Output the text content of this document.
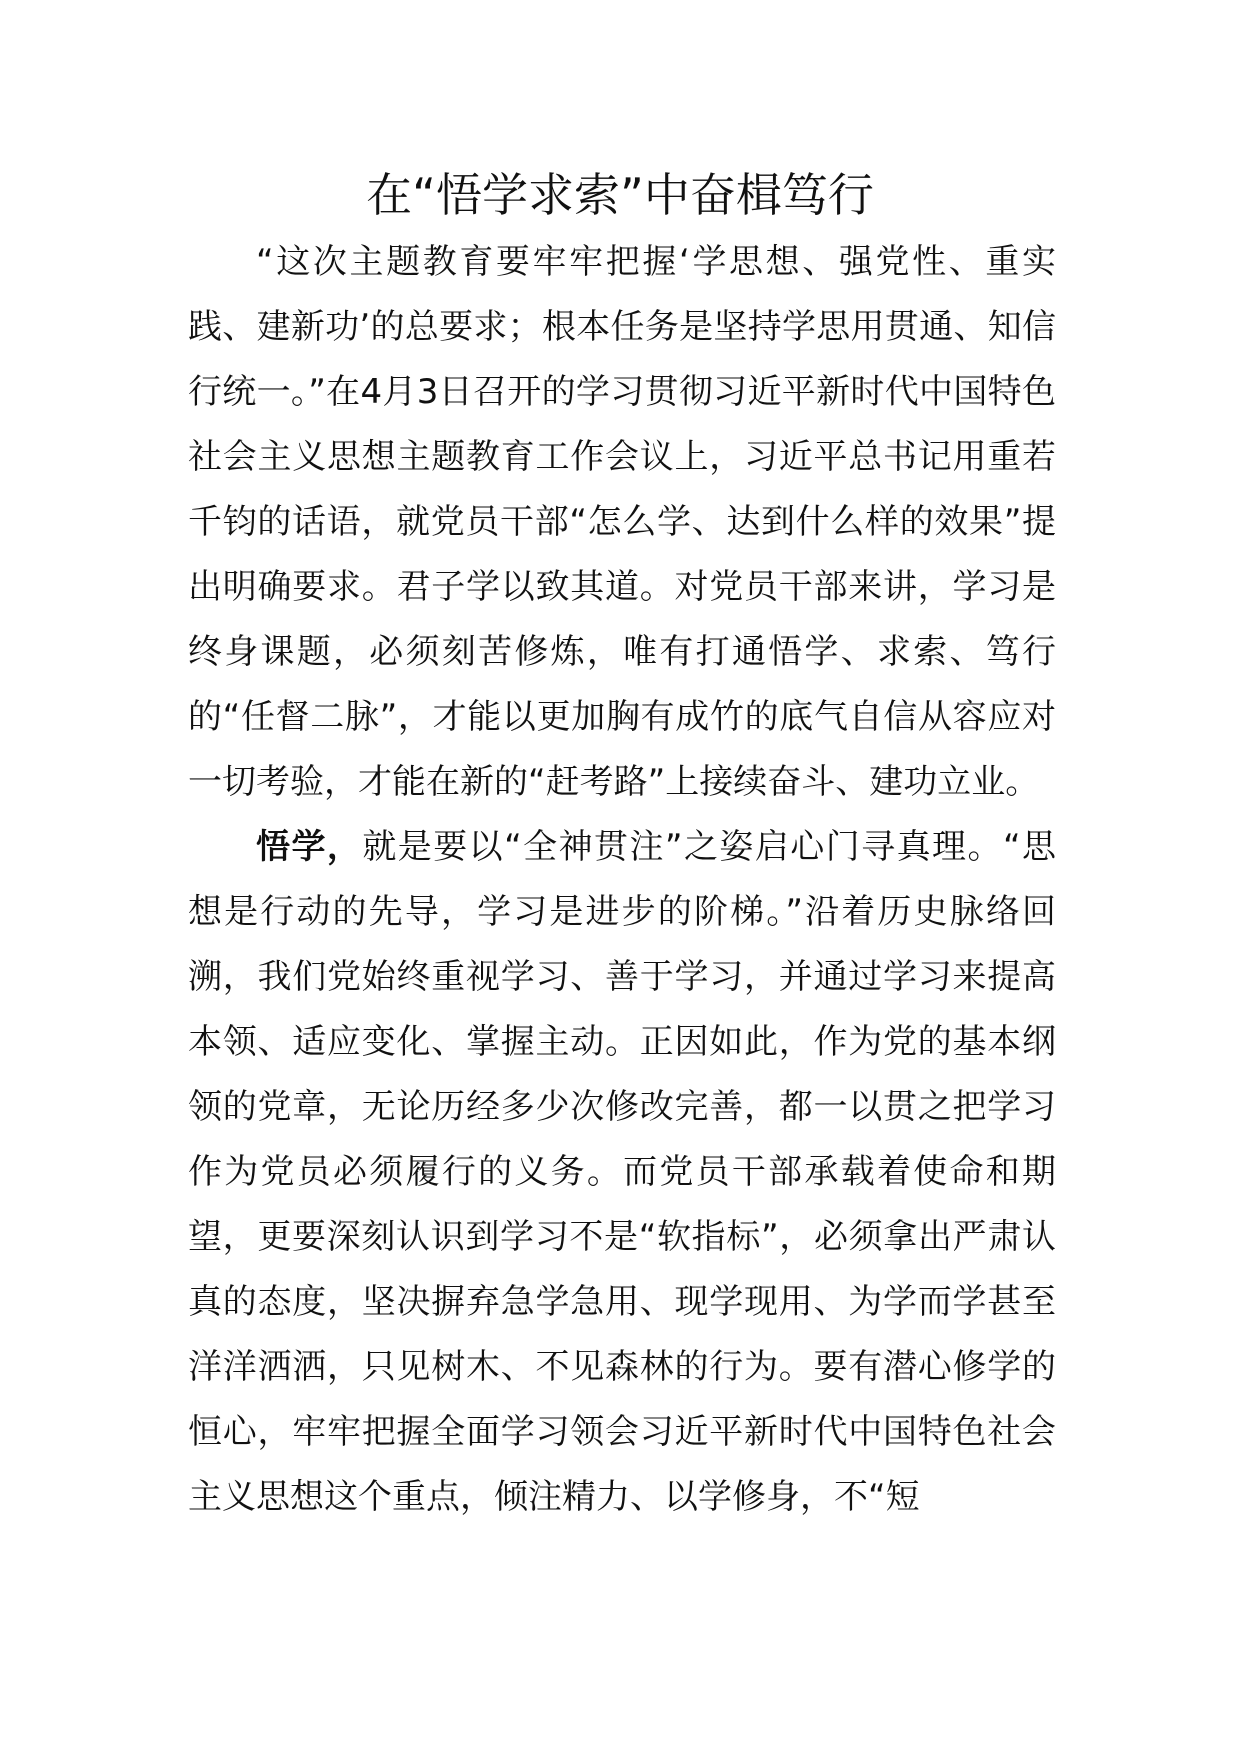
在“悟学求索”中奋楫笃行

“这次主题教育要牢牢把握‘学思想、强党性、重实践、建新功’的总要求；根本任务是坚持学思用贯通、知信行统一。”在4月3日召开的学习贯彻习近平新时代中国特色社会主义思想主题教育工作会议上，习近平总书记用重若千钧的话语，就党员干部“怎么学、达到什么样的效果”提出明确要求。君子学以致其道。对党员干部来讲，学习是终身课题，必须刻苦修炼，唯有打通悟学、求索、笃行的“任督二脉”，才能以更加胸有成竹的底气自信从容应对一切考验，才能在新的“赶考路”上接续奋斗、建功立业。

悟学，就是要以“全神贯注”之姿启心门寻真理。“思想是行动的先导，学习是进步的阶梯。”沿着历史脉络回溯，我们党始终重视学习、善于学习，并通过学习来提高本领、适应变化、掌握主动。正因如此，作为党的基本纲领的党章，无论历经多少次修改完善，都一以贯之把学习作为党员必须履行的义务。而党员干部承载着使命和期望，更要深刻认识到学习不是“软指标”，必须拿出严肃认真的态度，坚决摒弃急学急用、现学现用、为学而学甚至洋洋洒洒，只见树木、不见森林的行为。要有潜心修学的恒心，牢牢把握全面学习领会习近平新时代中国特色社会主义思想这个重点，倾注精力、以学修身，不“短
